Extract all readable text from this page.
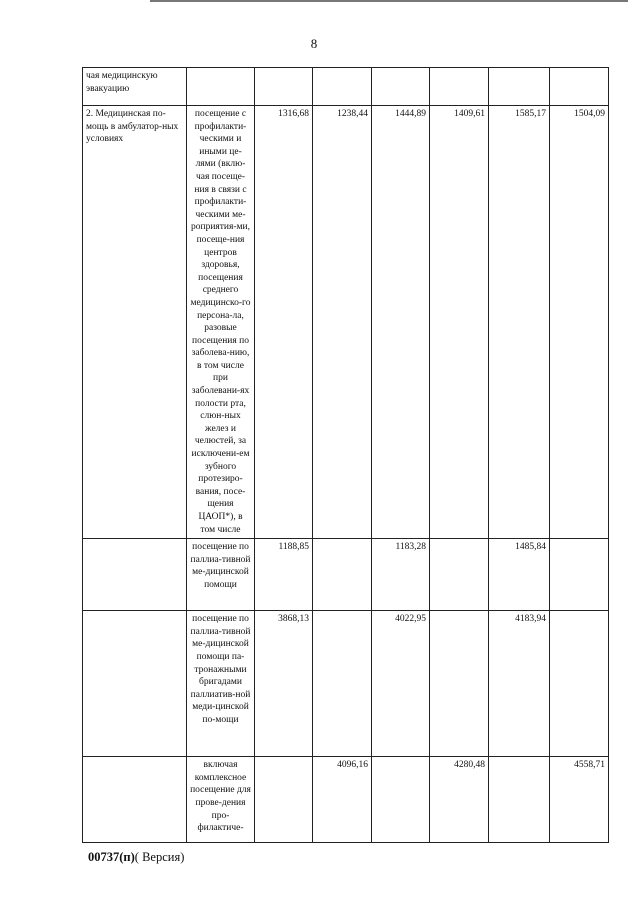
8
чая медицинскую эвакуацию							
2. Медицинская по-мощь в амбулатор-ных условиях	посещение с профилакти-ческими и иными це-лями (вклю-чая посеще-ния в связи с профилакти-ческими ме-роприятия-ми, посеще-ния центров здоровья, посещения среднего медицинско-го персона-ла, разовые посещения по заболева-нию, в том числе при заболевани-ях полости рта, слюн-ных желез и челюстей, за исключени-ем зубного протезиро-вания, посе-щения ЦАОП*), в том числе	1316,68	1238,44	1444,89	1409,61	1585,17	1504,09
	посещение по паллиа-тивной ме-дицинской помощи	1188,85		1183,28		1485,84	
	посещение по паллиа-тивной ме-дицинской помощи па-тронажными бригадами паллиатив-ной меди-цинской по-мощи	3868,13		4022,95		4183,94	
	включая комплексное посещение для прове-дения про-филактиче-		4096,16		4280,48		4558,71
00737(п)( Версия)
